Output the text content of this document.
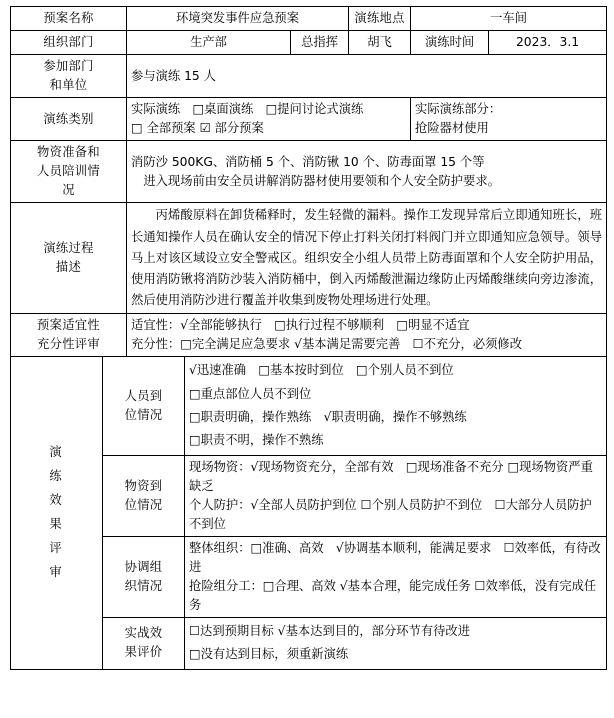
预案名称		环境突发事件应急预案			演练地点	一车间	
组织部门		生产部		总指挥	胡飞	演练时间	2023．3.1

参加部门
和单位		参与演练 15 人					
演练类别		实际演练　□桌面演练　□提问讨论式演练
□ 全部预案 ☑ 部分预案				实际演练部分：
抢险器材使用	

物资准备和
人员陪训情
况		消防沙 500KG、消防桶 5 个、消防锹 10 个、防毒面罩 15 个等
进入现场前由安全员讲解消防器材使用要领和个人安全防护要求。					

演练过程
描述		丙烯酸原料在卸货稀释时，发生轻微的漏料。操作工发现异常后立即通知班长，班长通知操作人员在确认安全的情况下停止打料关闭打料阀门并立即通知应急领导。领导马上对该区域设立安全警戒区。组织安全小组人员带上防毒面罩和个人安全防护用品，使用消防锹将消防沙装入消防桶中，倒入丙烯酸泄漏边缘防止丙烯酸继续向旁边渗流，然后使用消防沙进行覆盖并收集到废物处理场进行处理。					

预案适宜性
充分性评审		适宜性：√全部能够执行　□执行过程不够顺利　□明显不适宜
充分性：□完全满足应急要求 √基本满足需要完善　☐不充分，必须修改					

演
练
效
果
评
审

人员到
位情况

√迅速准确　□基本按时到位　□个别人员不到位
□重点部位人员不到位
□职责明确，操作熟练　√职责明确，操作不够熟练
□职责不明，操作不熟练

	物资到
位情况		现场物资：√现场物资充分，全部有效　□现场准备不充分 □现场物资严重缺乏
个人防护：√全部人员防护到位 ☐个别人员防护不到位　☐大部分人员防护不到位				

	协调组
织情况		整体组织：□准确、高效　√协调基本顺利，能满足要求　☐效率低，有待改进
抢险组分工：□合理、高效 √基本合理，能完成任务 ☐效率低，没有完成任务				

	实战效
果评价		☐达到预期目标 √基本达到目的，部分环节有待改进
□没有达到目标，须重新演练				
